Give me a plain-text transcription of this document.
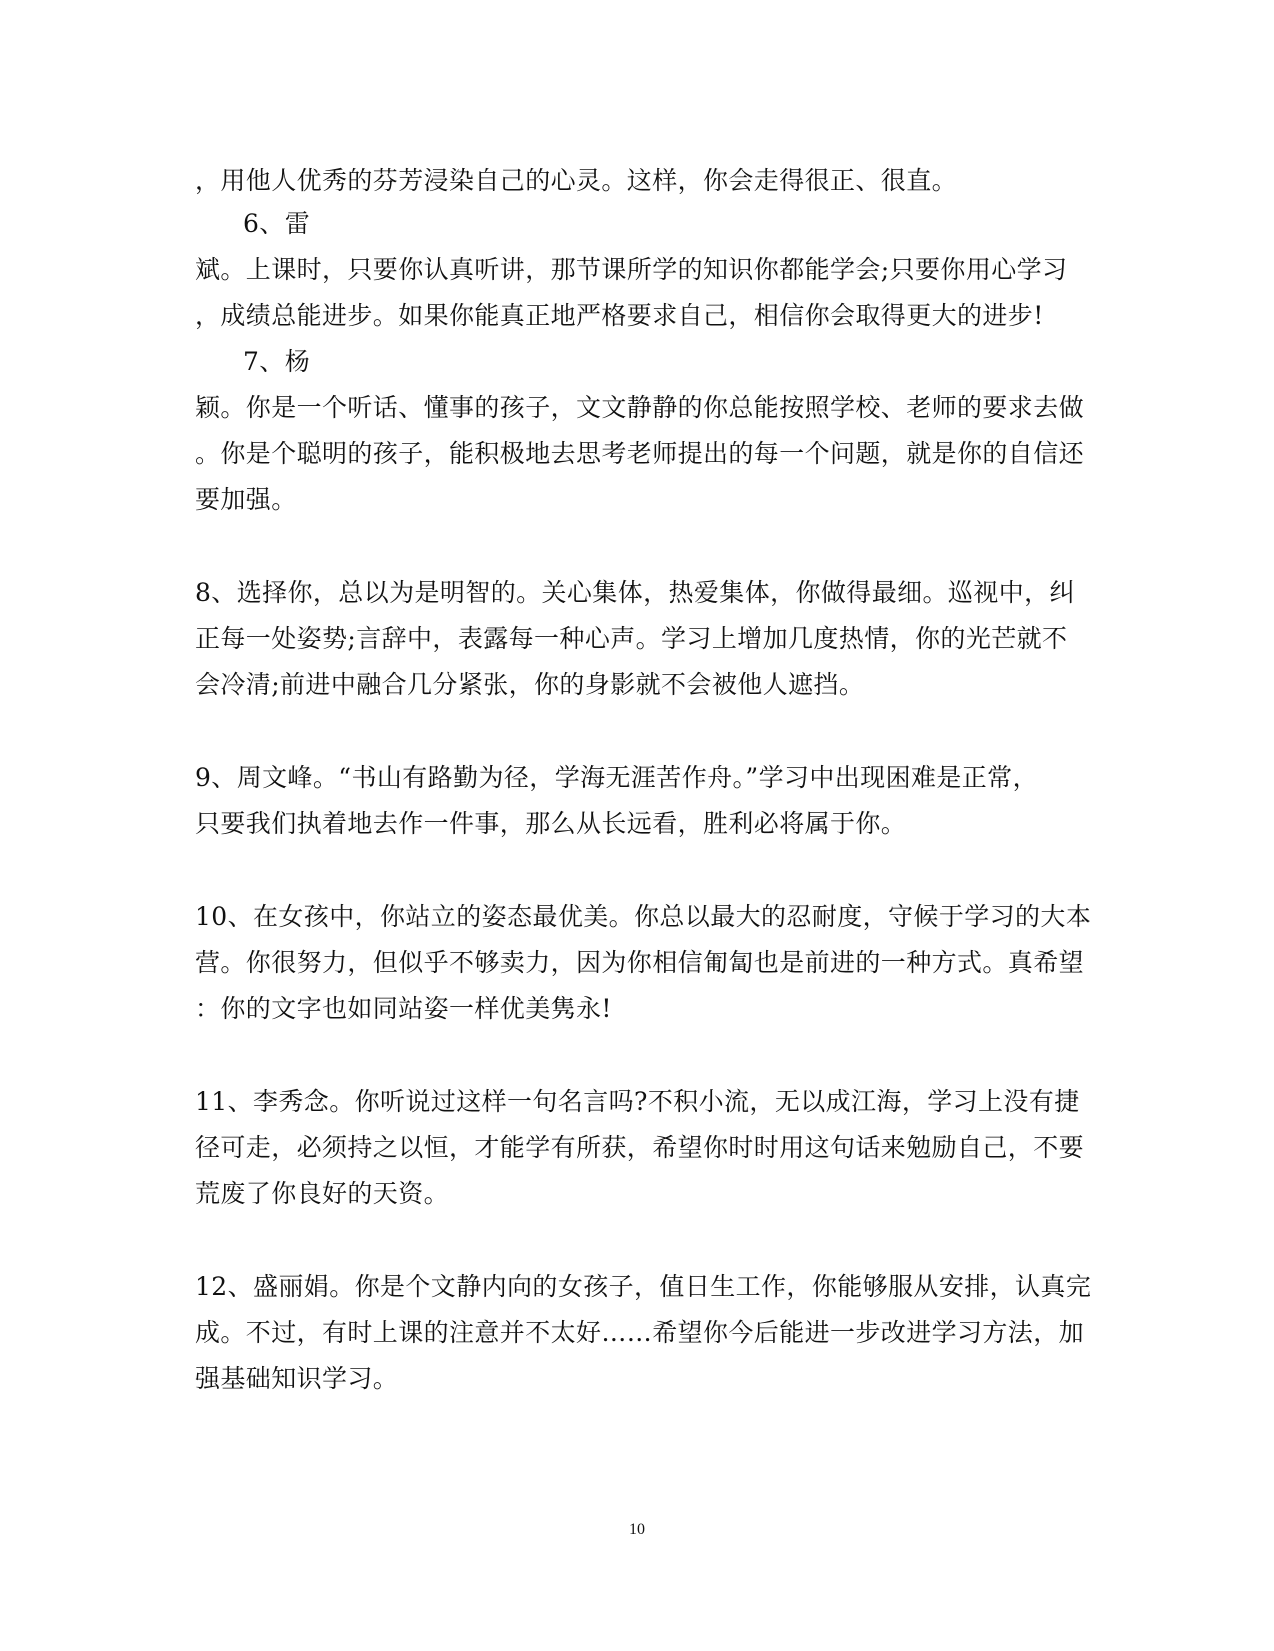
，用他人优秀的芬芳浸染自己的心灵。这样，你会走得很正、很直。
6、雷
斌。上课时，只要你认真听讲，那节课所学的知识你都能学会;只要你用心学习
，成绩总能进步。如果你能真正地严格要求自己，相信你会取得更大的进步!
7、杨
颖。你是一个听话、懂事的孩子，文文静静的你总能按照学校、老师的要求去做
。你是个聪明的孩子，能积极地去思考老师提出的每一个问题，就是你的自信还
要加强。
8、选择你，总以为是明智的。关心集体，热爱集体，你做得最细。巡视中，纠
正每一处姿势;言辞中，表露每一种心声。学习上增加几度热情，你的光芒就不
会冷清;前进中融合几分紧张，你的身影就不会被他人遮挡。
9、周文峰。“书山有路勤为径，学海无涯苦作舟。”学习中出现困难是正常，
只要我们执着地去作一件事，那么从长远看，胜利必将属于你。
10、在女孩中，你站立的姿态最优美。你总以最大的忍耐度，守候于学习的大本
营。你很努力，但似乎不够卖力，因为你相信匍匐也是前进的一种方式。真希望
：你的文字也如同站姿一样优美隽永!
11、李秀念。你听说过这样一句名言吗?不积小流，无以成江海，学习上没有捷
径可走，必须持之以恒，才能学有所获，希望你时时用这句话来勉励自己，不要
荒废了你良好的天资。
12、盛丽娟。你是个文静内向的女孩子，值日生工作，你能够服从安排，认真完
成。不过，有时上课的注意并不太好……希望你今后能进一步改进学习方法，加
强基础知识学习。
10
